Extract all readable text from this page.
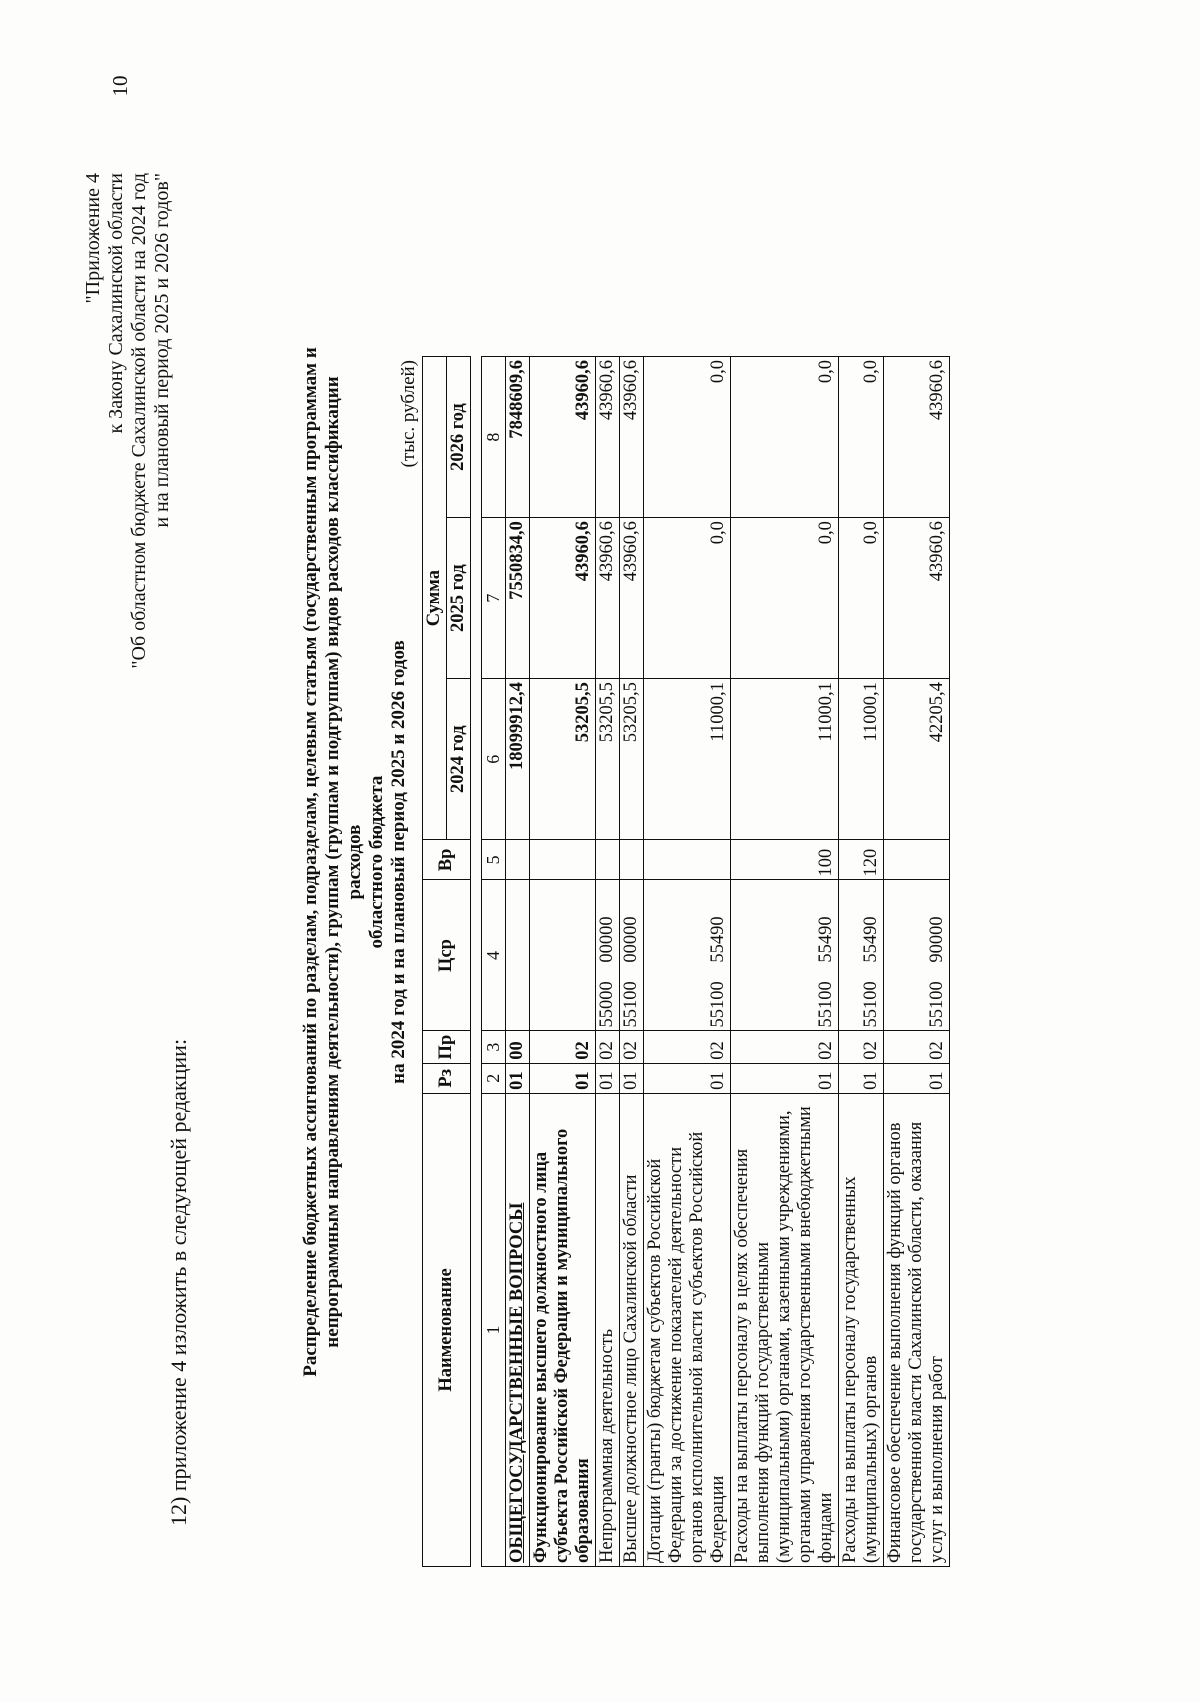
10
12) приложение 4 изложить в следующей редакции:
"Приложение 4 к Закону Сахалинской области "Об областном бюджете Сахалинской области на 2024 год и на плановый период 2025 и 2026 годов"	Распределение бюджетных ассигнований по разделам, подразделам, целевым статьям (государственным программам и непрограммным направлениям деятельности), группам (группам и подгруппам) видов расходов классификации расходов областного бюджета на 2024 год и на плановый период 2025 и 2026 годов
(тыс. рублей)
Наименование	Рз	Пр	Цср	Вр	Сумма		
					2024 год	2025 год	2026 год

1	2	3	4	5	6	7	8
ОБЩЕГОСУДАРСТВЕННЫЕ ВОПРОСЫ	01	00			18099912,4	7550834,0	7848609,6
Функционирование высшего должностного лица субъекта Российской Федерации и муниципального образования	01	02			53205,5	43960,6	43960,6
Непрограммная деятельность	01	02	55000 00000		53205,5	43960,6	43960,6
Высшее должностное лицо Сахалинской области	01	02	55100 00000		53205,5	43960,6	43960,6
Дотации (гранты) бюджетам субъектов Российской Федерации за достижение показателей деятельности органов исполнительной власти субъектов Российской Федерации	01	02	55100 55490		11000,1	0,0	0,0
Расходы на выплаты персоналу в целях обеспечения выполнения функций государственными (муниципальными) органами, казенными учреждениями, органами управления государственными внебюджетными фондами	01	02	55100 55490	100	11000,1	0,0	0,0
Расходы на выплаты персоналу государственных (муниципальных) органов	01	02	55100 55490	120	11000,1	0,0	0,0
Финансовое обеспечение выполнения функций органов государственной власти Сахалинской области, оказания услуг и выполнения работ	01	02	55100 90000		42205,4	43960,6	43960,6
